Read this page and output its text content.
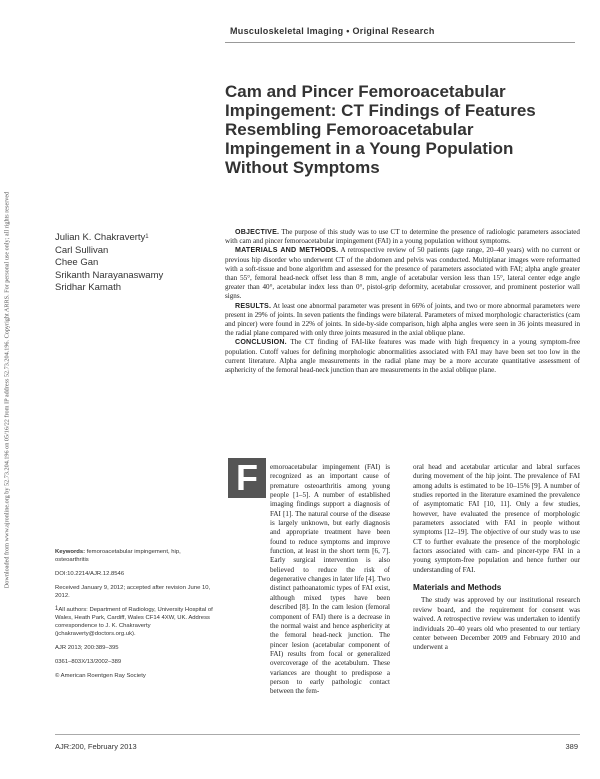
Downloaded from www.ajronline.org by 52.73.204.196 on 05/16/22 from IP address 52.73.204.196. Copyright ARRS. For personal use only; all rights reserved
Musculoskeletal Imaging • Original Research
Cam and Pincer Femoroacetabular Impingement: CT Findings of Features Resembling Femoroacetabular Impingement in a Young Population Without Symptoms
Julian K. Chakraverty$^1$
Carl Sullivan
Chee Gan
Srikanth Narayanaswamy
Sridhar Kamath

OBJECTIVE. The purpose of this study was to use CT to determine the presence of radiologic parameters associated with cam and pincer femoroacetabular impingement (FAI) in a young population without symptoms.

MATERIALS AND METHODS. A retrospective review of 50 patients (age range, 20–40 years) with no current or previous hip disorder who underwent CT of the abdomen and pelvis was conducted. Multiplanar images were reformatted with a soft-tissue and bone algorithm and assessed for the presence of parameters associated with FAI; alpha angle greater than 55°, femoral head-neck offset less than 8 mm, angle of acetabular version less than 15°, lateral center edge angle greater than 40°, acetabular index less than 0°, pistol-grip deformity, acetabular crossover, and prominent posterior wall signs.

RESULTS. At least one abnormal parameter was present in 66% of joints, and two or more abnormal parameters were present in 29% of joints. In seven patients the findings were bilateral. Parameters of mixed morphologic characteristics (cam and pincer) were found in 22% of joints. In side-by-side comparison, high alpha angles were seen in 36 joints measured in the radial plane compared with only three joints measured in the axial oblique plane.

CONCLUSION. The CT finding of FAI-like features was made with high frequency in a young symptom-free population. Cutoff values for defining morphologic abnormalities associated with FAI may have been set too low in the current literature. Alpha angle measurements in the radial plane may be a more accurate quantitative assessment of asphericity of the femoral head-neck junction than are measurements in the axial oblique plane.

F	emoroacetabular impingement (FAI) is recognized as an important cause of premature osteoarthritis among young people [1–5]. A number of established imaging findings support a diagnosis of FAI [1]. The natural course of the disease is largely unknown, but early diagnosis and appropriate treatment have been found to reduce symptoms and improve function, at least in the short term [6, 7]. Early surgical intervention is also believed to reduce the risk of degenerative changes in later life [4]. Two distinct pathoanatomic types of FAI exist, although mixed types have been described [8]. In the cam lesion (femoral component of FAI) there is a decrease in the normal waist and hence asphericity at the femoral head-neck junction. The pincer lesion (acetabular component of FAI) results from focal or generalized overcoverage of the acetabulum. These variances are thought to predispose a person to early pathologic contact between the fem-

oral head and acetabular articular and labral surfaces during movement of the hip joint. The prevalence of FAI among adults is estimated to be 10–15% [9]. A number of studies reported in the literature examined the prevalence of asymptomatic FAI [10, 11]. Only a few studies, however, have evaluated the presence of morphologic parameters associated with FAI in people without symptoms [12–19]. The objective of our study was to use CT to further evaluate the presence of the morphologic factors associated with cam- and pincer-type FAI in a young symptom-free population and hence further our understanding of FAI.

Materials and Methods

The study was approved by our institutional research review board, and the requirement for consent was waived. A retrospective review was undertaken to identify individuals 20–40 years old who presented to our tertiary center between December 2009 and February 2010 and underwent a

Keywords: femoroacetabular impingement, hip, osteoarthritis

DOI:10.2214/AJR.12.8546

Received January 9, 2012; accepted after revision June 10, 2012.

$^1$All authors: Department of Radiology, University Hospital of Wales, Heath Park, Cardiff, Wales CF14 4XW, UK. Address correspondence to J. K. Chakraverty (jchakraverty@doctors.org.uk).

AJR 2013; 200:389–395

0361–803X/13/2002–389

© American Roentgen Ray Society

AJR:200, February 2013	389
